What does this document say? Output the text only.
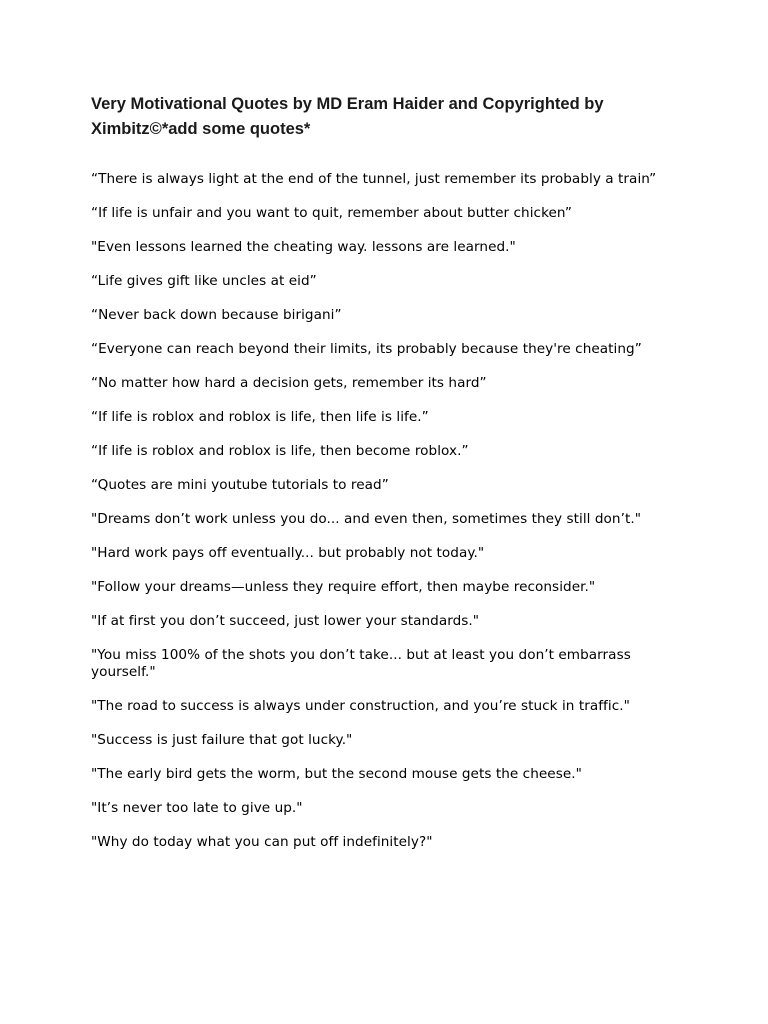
Very Motivational Quotes by MD Eram Haider and Copyrighted by Ximbitz©*add some quotes*
“There is always light at the end of the tunnel, just remember its probably a train”
“If life is unfair and you want to quit, remember about butter chicken”
"Even lessons learned the cheating way. lessons are learned."
“Life gives gift like uncles at eid”
“Never back down because birigani”
“Everyone can reach beyond their limits, its probably because they're cheating”
“No matter how hard a decision gets, remember its hard”
“If life is roblox and roblox is life, then life is life.”
“If life is roblox and roblox is life, then become roblox.”
“Quotes are mini youtube tutorials to read”
"Dreams don’t work unless you do... and even then, sometimes they still don’t."
"Hard work pays off eventually... but probably not today."
"Follow your dreams—unless they require effort, then maybe reconsider."
"If at first you don’t succeed, just lower your standards."
"You miss 100% of the shots you don’t take... but at least you don’t embarrass yourself."
"The road to success is always under construction, and you’re stuck in traffic."
"Success is just failure that got lucky."
"The early bird gets the worm, but the second mouse gets the cheese."
"It’s never too late to give up."
"Why do today what you can put off indefinitely?"
